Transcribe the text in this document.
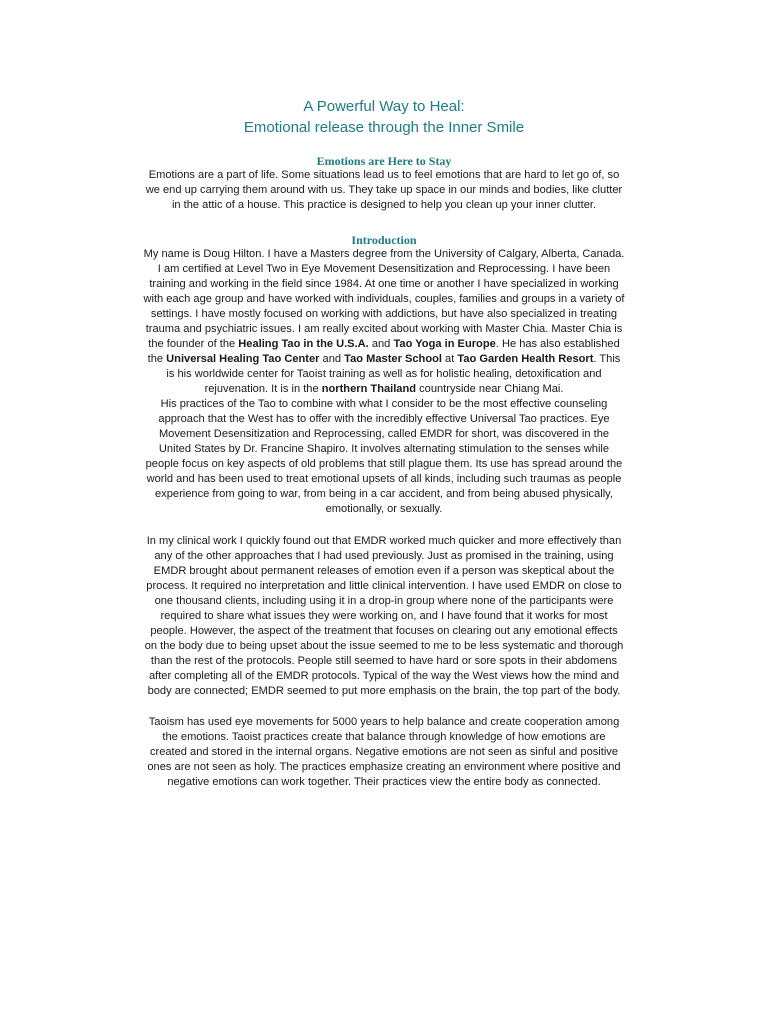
A Powerful Way to Heal:
Emotional release through the Inner Smile
Emotions are Here to Stay
Emotions are a part of life. Some situations lead us to feel emotions that are hard to let go of, so
we end up carrying them around with us. They take up space in our minds and bodies, like clutter
in the attic of a house. This practice is designed to help you clean up your inner clutter.
Introduction
My name is Doug Hilton. I have a Masters degree from the University of Calgary, Alberta, Canada.
I am certified at Level Two in Eye Movement Desensitization and Reprocessing. I have been
training and working in the field since 1984. At one time or another I have specialized in working
with each age group and have worked with individuals, couples, families and groups in a variety of
settings. I have mostly focused on working with addictions, but have also specialized in treating
trauma and psychiatric issues. I am really excited about working with Master Chia. Master Chia is
the founder of the Healing Tao in the U.S.A. and Tao Yoga in Europe. He has also established
the Universal Healing Tao Center and Tao Master School at Tao Garden Health Resort. This
is his worldwide center for Taoist training as well as for holistic healing, detoxification and
rejuvenation. It is in the northern Thailand countryside near Chiang Mai.
His practices of the Tao to combine with what I consider to be the most effective counseling
approach that the West has to offer with the incredibly effective Universal Tao practices. Eye
Movement Desensitization and Reprocessing, called EMDR for short, was discovered in the
United States by Dr. Francine Shapiro. It involves alternating stimulation to the senses while
people focus on key aspects of old problems that still plague them. Its use has spread around the
world and has been used to treat emotional upsets of all kinds, including such traumas as people
experience from going to war, from being in a car accident, and from being abused physically,
emotionally, or sexually.
In my clinical work I quickly found out that EMDR worked much quicker and more effectively than
any of the other approaches that I had used previously. Just as promised in the training, using
EMDR brought about permanent releases of emotion even if a person was skeptical about the
process. It required no interpretation and little clinical intervention. I have used EMDR on close to
one thousand clients, including using it in a drop-in group where none of the participants were
required to share what issues they were working on, and I have found that it works for most
people. However, the aspect of the treatment that focuses on clearing out any emotional effects
on the body due to being upset about the issue seemed to me to be less systematic and thorough
than the rest of the protocols. People still seemed to have hard or sore spots in their abdomens
after completing all of the EMDR protocols. Typical of the way the West views how the mind and
body are connected; EMDR seemed to put more emphasis on the brain, the top part of the body.
Taoism has used eye movements for 5000 years to help balance and create cooperation among
the emotions. Taoist practices create that balance through knowledge of how emotions are
created and stored in the internal organs. Negative emotions are not seen as sinful and positive
ones are not seen as holy. The practices emphasize creating an environment where positive and
negative emotions can work together. Their practices view the entire body as connected.
